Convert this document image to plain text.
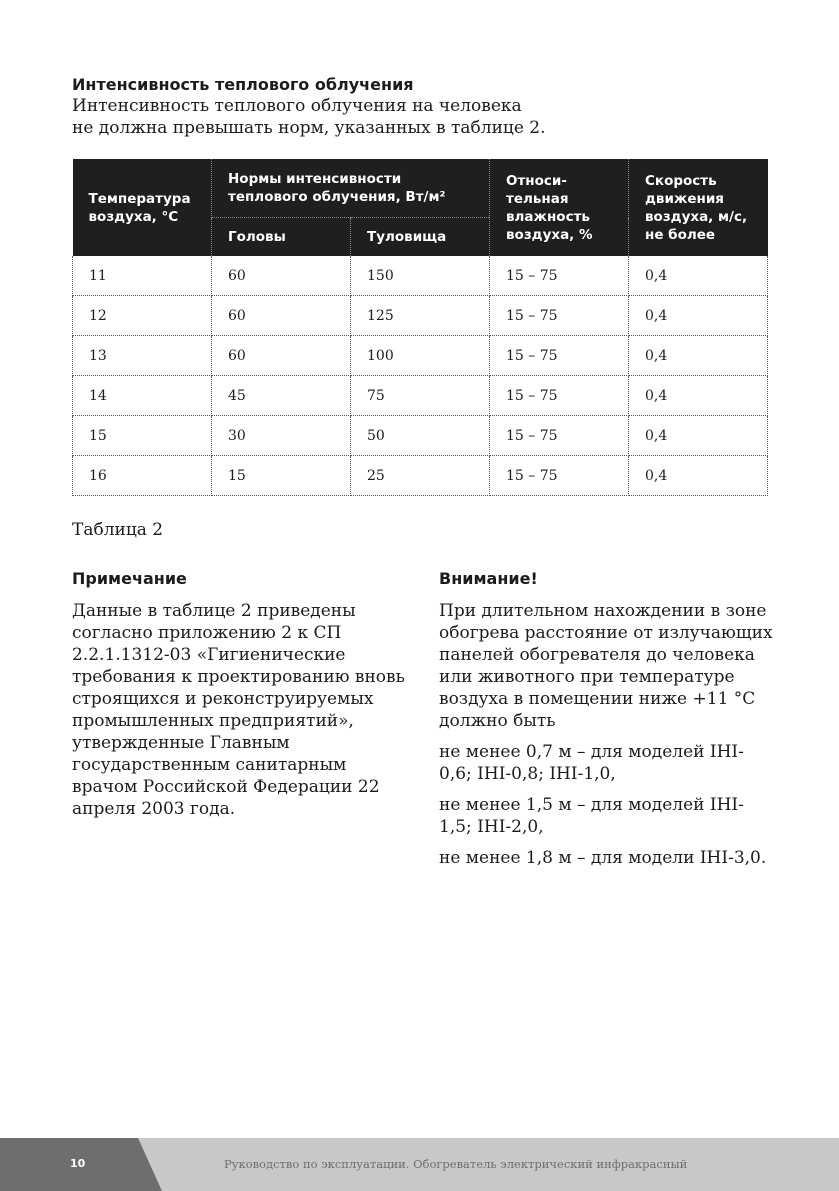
Интенсивность теплового облучения

Интенсивность теплового облучения на человека

не должна превышать норм, указанных в таблице 2.

Температура воздуха, °С	Нормы интенсивности теплового облучения, Вт/м²		Относи- тельная влажность воздуха, %	Скорость движения воздуха, м/с, не более
	Головы	Туловища		
11	60	150	15 – 75	0,4
12	60	125	15 – 75	0,4
13	60	100	15 – 75	0,4
14	45	75	15 – 75	0,4
15	30	50	15 – 75	0,4
16	15	25	15 – 75	0,4
Таблица 2
Примечание

Данные в таблице 2 приведены согласно приложению 2 к СП 2.2.1.1312-03 «Гигиенические требования к проектированию вновь строящихся и реконструируемых промышленных предприятий», утвержденные Главным государственным санитарным врачом Российской Федерации 22 апреля 2003 года.

Внимание!

При длительном нахождении в зоне обогрева расстояние от излучающих панелей обогревателя до человека или животного при температуре воздуха в помещении ниже +11 °С должно быть

не менее 0,7 м – для моделей IHI-0,6; IHI-0,8; IHI-1,0,

не менее 1,5 м – для моделей IHI-1,5; IHI-2,0,

не менее 1,8 м – для модели IHI-3,0.

10	Руководство по эксплуатации. Обогреватель электрический инфракрасный
